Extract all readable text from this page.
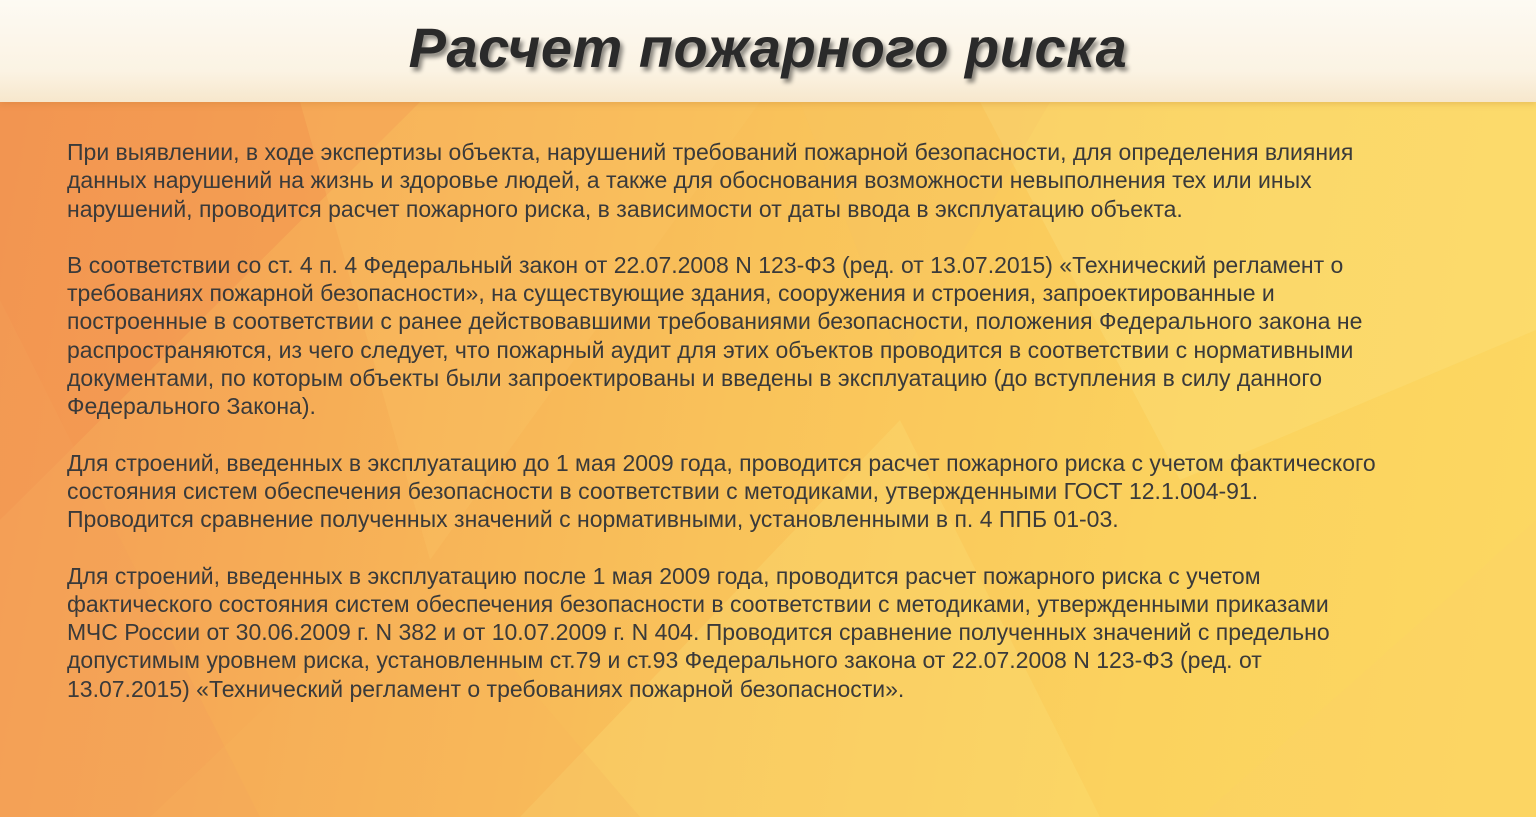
Расчет пожарного риска

При выявлении, в ходе экспертизы объекта, нарушений требований пожарной безопасности, для определения влияния
данных нарушений на жизнь и здоровье людей, а также для обоснования возможности невыполнения тех или иных
нарушений, проводится расчет пожарного риска, в зависимости от даты ввода в эксплуатацию объекта.

В соответствии со ст. 4 п. 4 Федеральный закон от 22.07.2008 N 123-ФЗ (ред. от 13.07.2015) «Технический регламент о
требованиях пожарной безопасности», на существующие здания, сооружения и строения, запроектированные и
построенные в соответствии с ранее действовавшими требованиями безопасности, положения Федерального закона не
распространяются, из чего следует, что пожарный аудит для этих объектов проводится в соответствии с нормативными
документами, по которым объекты были запроектированы и введены в эксплуатацию (до вступления в силу данного
Федерального Закона).

Для строений, введенных в эксплуатацию до 1 мая 2009 года, проводится расчет пожарного риска с учетом фактического
состояния систем обеспечения безопасности в соответствии с методиками, утвержденными ГОСТ 12.1.004-91.
Проводится сравнение полученных значений с нормативными, установленными в п. 4 ППБ 01-03.

Для строений, введенных в эксплуатацию после 1 мая 2009 года, проводится расчет пожарного риска с учетом
фактического состояния систем обеспечения безопасности в соответствии с методиками, утвержденными приказами
МЧС России от 30.06.2009 г. N 382 и от 10.07.2009 г. N 404. Проводится сравнение полученных значений с предельно
допустимым уровнем риска, установленным ст.79 и ст.93 Федерального закона от 22.07.2008 N 123-ФЗ (ред. от
13.07.2015) «Технический регламент о требованиях пожарной безопасности».
